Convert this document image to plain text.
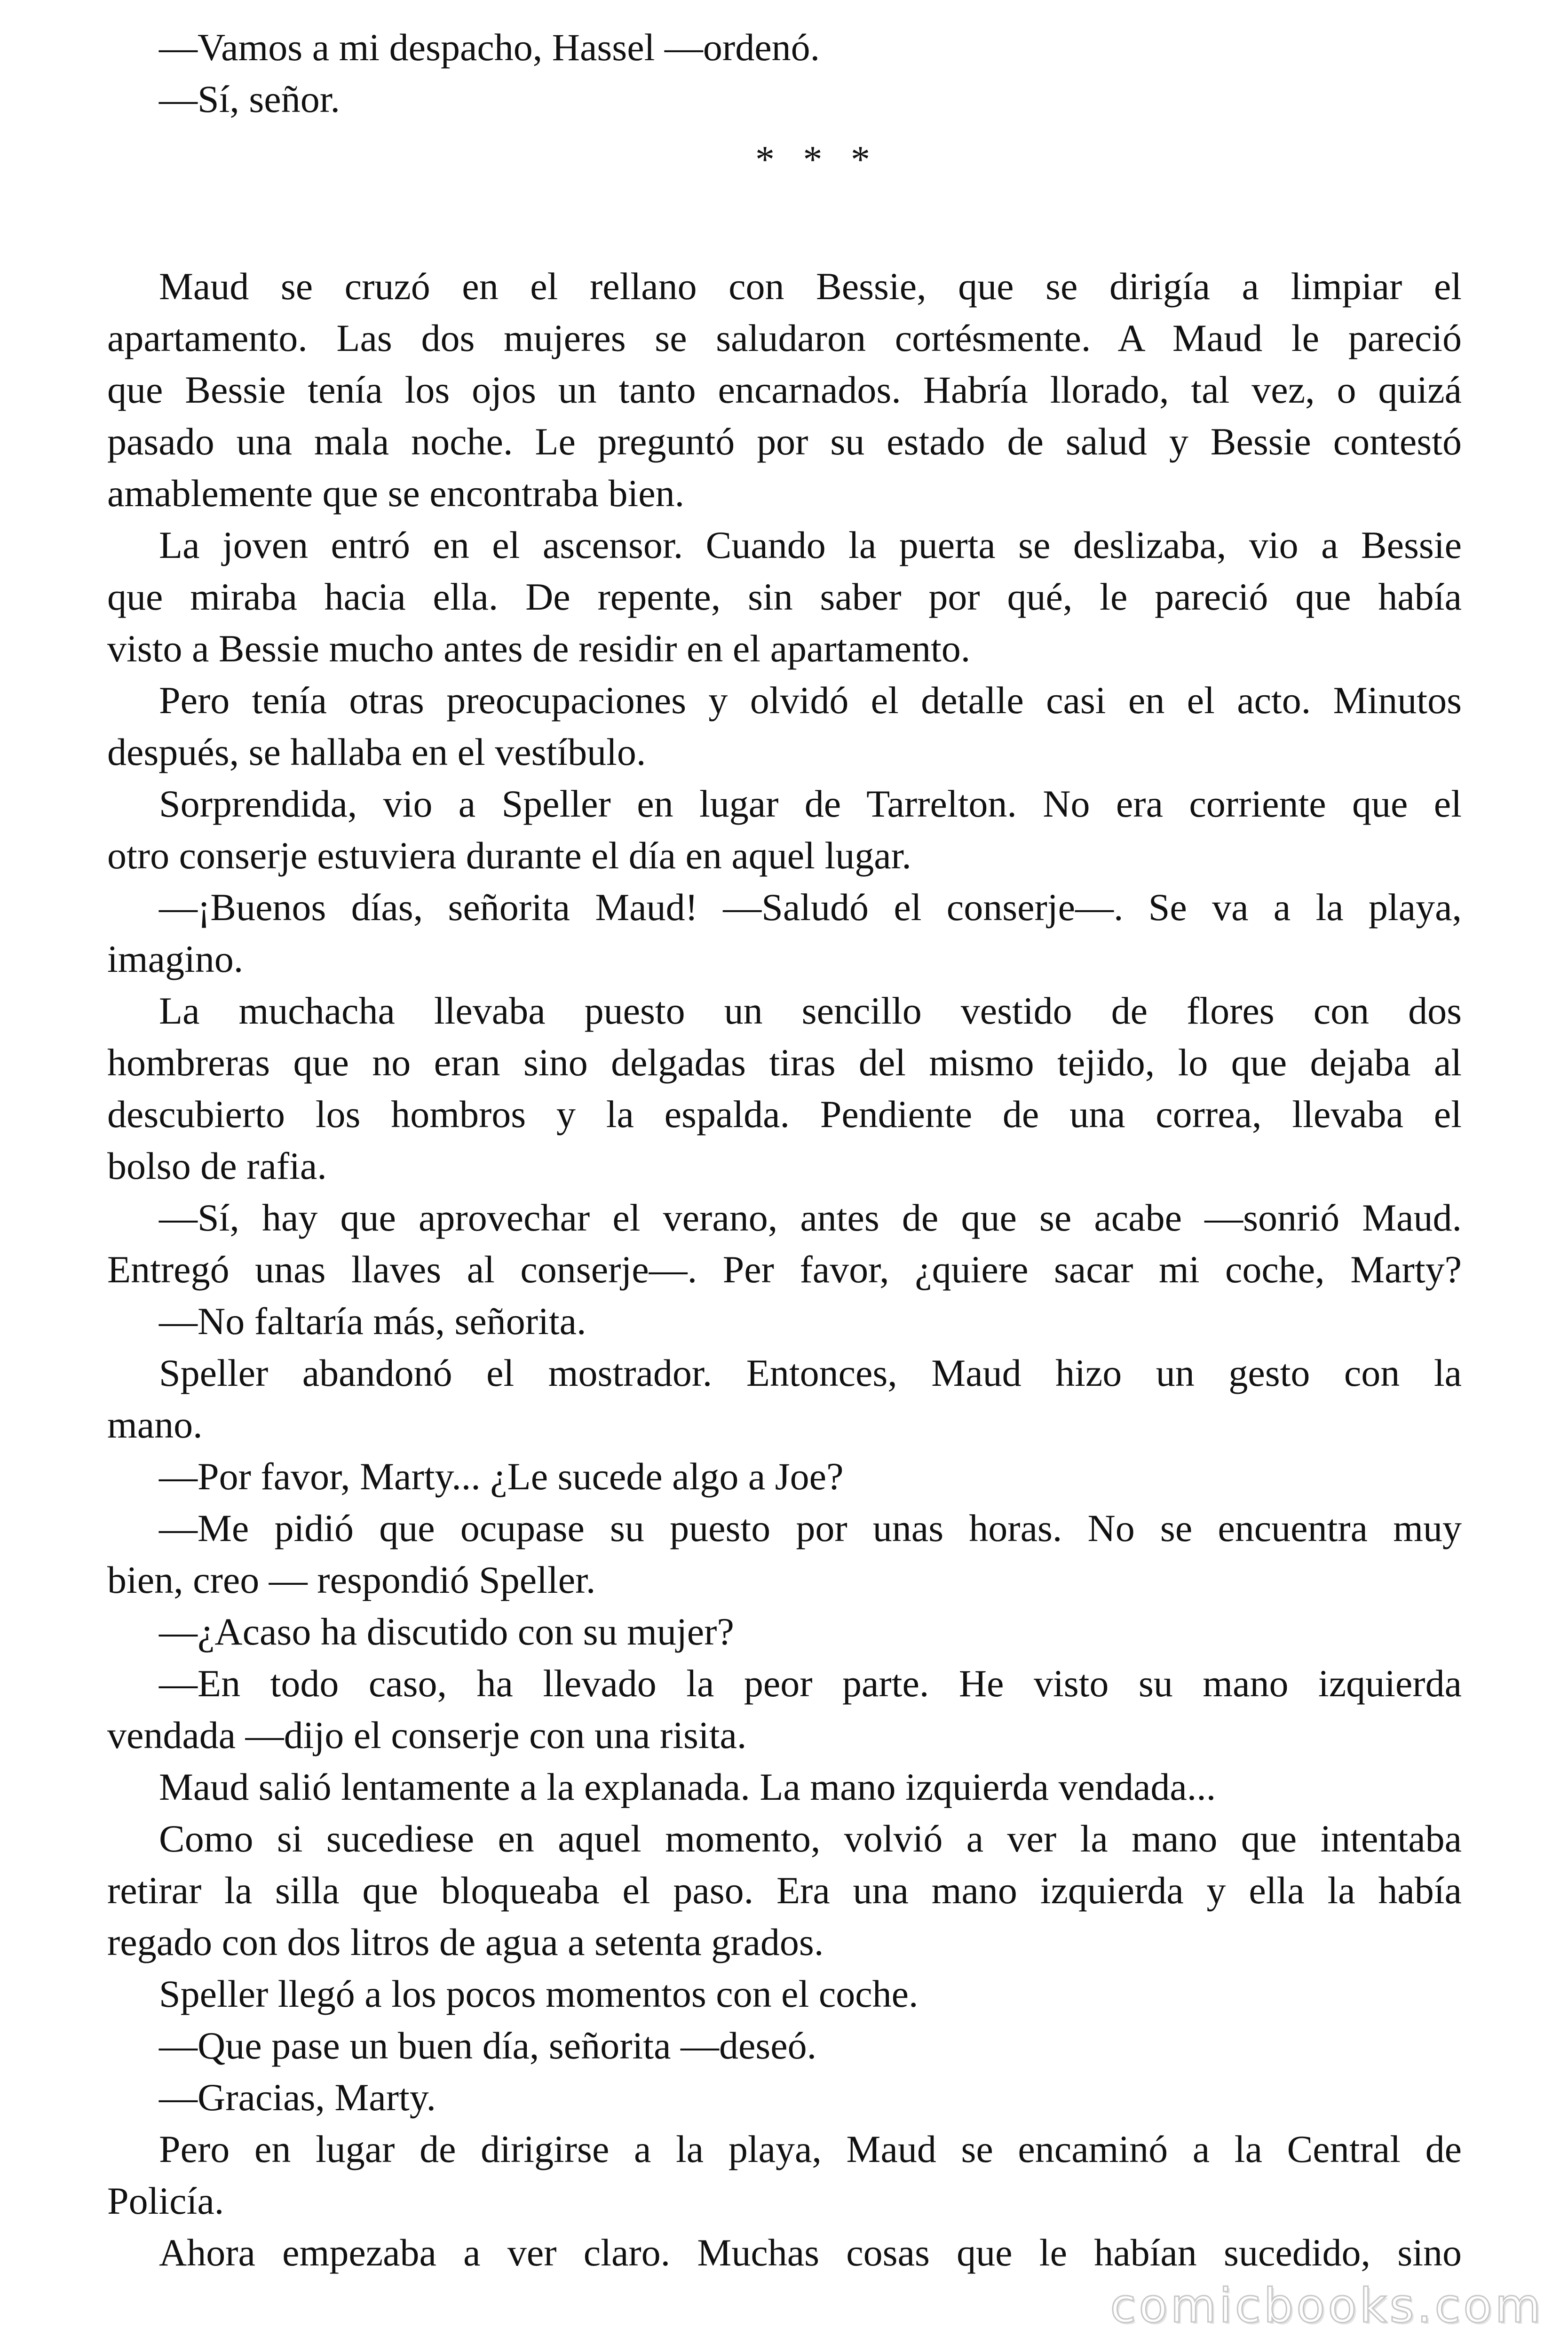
—Vamos a mi despacho, Hassel —ordenó.
—Sí, señor.
* * *
Maud se cruzó en el rellano con Bessie, que se dirigía a limpiar el
apartamento. Las dos mujeres se saludaron cortésmente. A Maud le pareció
que Bessie tenía los ojos un tanto encarnados. Habría llorado, tal vez, o quizá
pasado una mala noche. Le preguntó por su estado de salud y Bessie contestó
amablemente que se encontraba bien.
La joven entró en el ascensor. Cuando la puerta se deslizaba, vio a Bessie
que miraba hacia ella. De repente, sin saber por qué, le pareció que había
visto a Bessie mucho antes de residir en el apartamento.
Pero tenía otras preocupaciones y olvidó el detalle casi en el acto. Minutos
después, se hallaba en el vestíbulo.
Sorprendida, vio a Speller en lugar de Tarrelton. No era corriente que el
otro conserje estuviera durante el día en aquel lugar.
—¡Buenos días, señorita Maud! —Saludó el conserje—. Se va a la playa,
imagino.
La muchacha llevaba puesto un sencillo vestido de flores con dos
hombreras que no eran sino delgadas tiras del mismo tejido, lo que dejaba al
descubierto los hombros y la espalda. Pendiente de una correa, llevaba el
bolso de rafia.
—Sí, hay que aprovechar el verano, antes de que se acabe —sonrió Maud.
Entregó unas llaves al conserje—. Per favor, ¿quiere sacar mi coche, Marty?
—No faltaría más, señorita.
Speller abandonó el mostrador. Entonces, Maud hizo un gesto con la
mano.
—Por favor, Marty... ¿Le sucede algo a Joe?
—Me pidió que ocupase su puesto por unas horas. No se encuentra muy
bien, creo — respondió Speller.
—¿Acaso ha discutido con su mujer?
—En todo caso, ha llevado la peor parte. He visto su mano izquierda
vendada —dijo el conserje con una risita.
Maud salió lentamente a la explanada. La mano izquierda vendada...
Como si sucediese en aquel momento, volvió a ver la mano que intentaba
retirar la silla que bloqueaba el paso. Era una mano izquierda y ella la había
regado con dos litros de agua a setenta grados.
Speller llegó a los pocos momentos con el coche.
—Que pase un buen día, señorita —deseó.
—Gracias, Marty.
Pero en lugar de dirigirse a la playa, Maud se encaminó a la Central de
Policía.
Ahora empezaba a ver claro. Muchas cosas que le habían sucedido, sino
comicbooks.com
